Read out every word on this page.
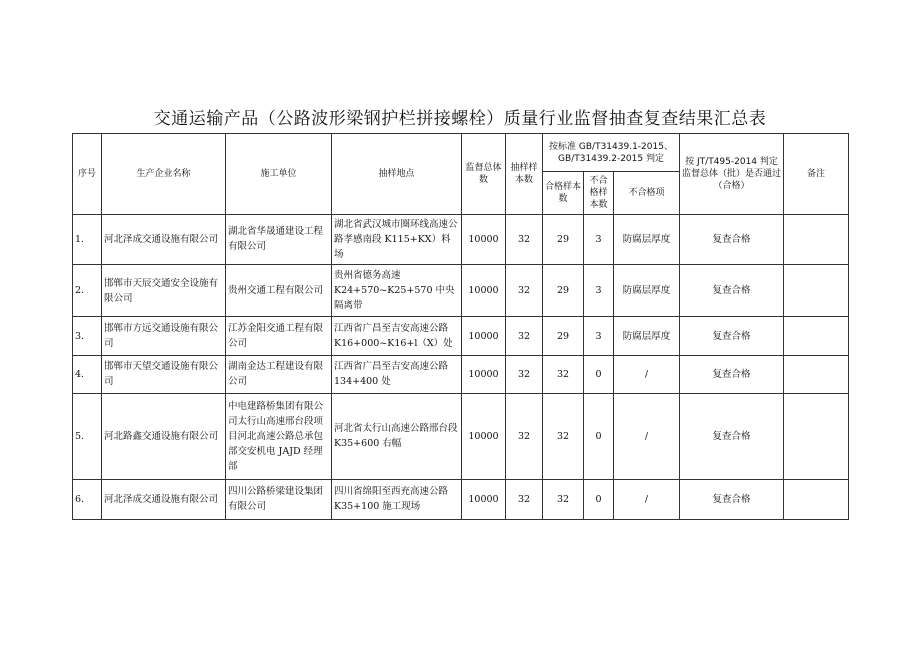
交通运输产品（公路波形梁钢护栏拼接螺栓）质量行业监督抽查复查结果汇总表
序号	生产企业名称	施工单位	抽样地点	监督总体数	抽样样本数	按标准 GB/T31439.1-2015、GB/T31439.2-2015 判定			按 JT/T495-2014 判定监督总体（批）是否通过（合格）	备注
						合格样本数	不合格样本数	不合格项		
1.	河北泽成交通设施有限公司	湖北省华晟通建设工程有限公司	湖北省武汉城市圈环线高速公路孝感南段 K115+KX）料场	10000	32	29	3	防腐层厚度	复查合格	
2.	邯郸市天辰交通安全设施有限公司	贵州交通工程有限公司	贵州省德务高速K24+570~K25+570 中央隔离带	10000	32	29	3	防腐层厚度	复查合格	
3.	邯郸市方远交通设施有限公司	江苏金阳交通工程有限公司	江西省广昌至吉安高速公路 K16+000~K16+l（X）处	10000	32	29	3	防腐层厚度	复查合格	
4.	邯郸市天望交通设施有限公司	湖南金达工程建设有限公司	江西省广昌至吉安高速公路 134+400 处	10000	32	32	0	/	复查合格	
5.	河北路鑫交通设施有限公司	中电建路桥集团有限公司太行山高速邢台段项目河北高速公路总承包部交安机电 JAJD 经理部	河北省太行山高速公路邢台段 K35+600 右幅	10000	32	32	0	/	复查合格	
6.	河北泽成交通设施有限公司	四川公路桥梁建设集团有限公司	四川省绵阳至西充高速公路 K35+100 施工现场	10000	32	32	0	/	复查合格	
